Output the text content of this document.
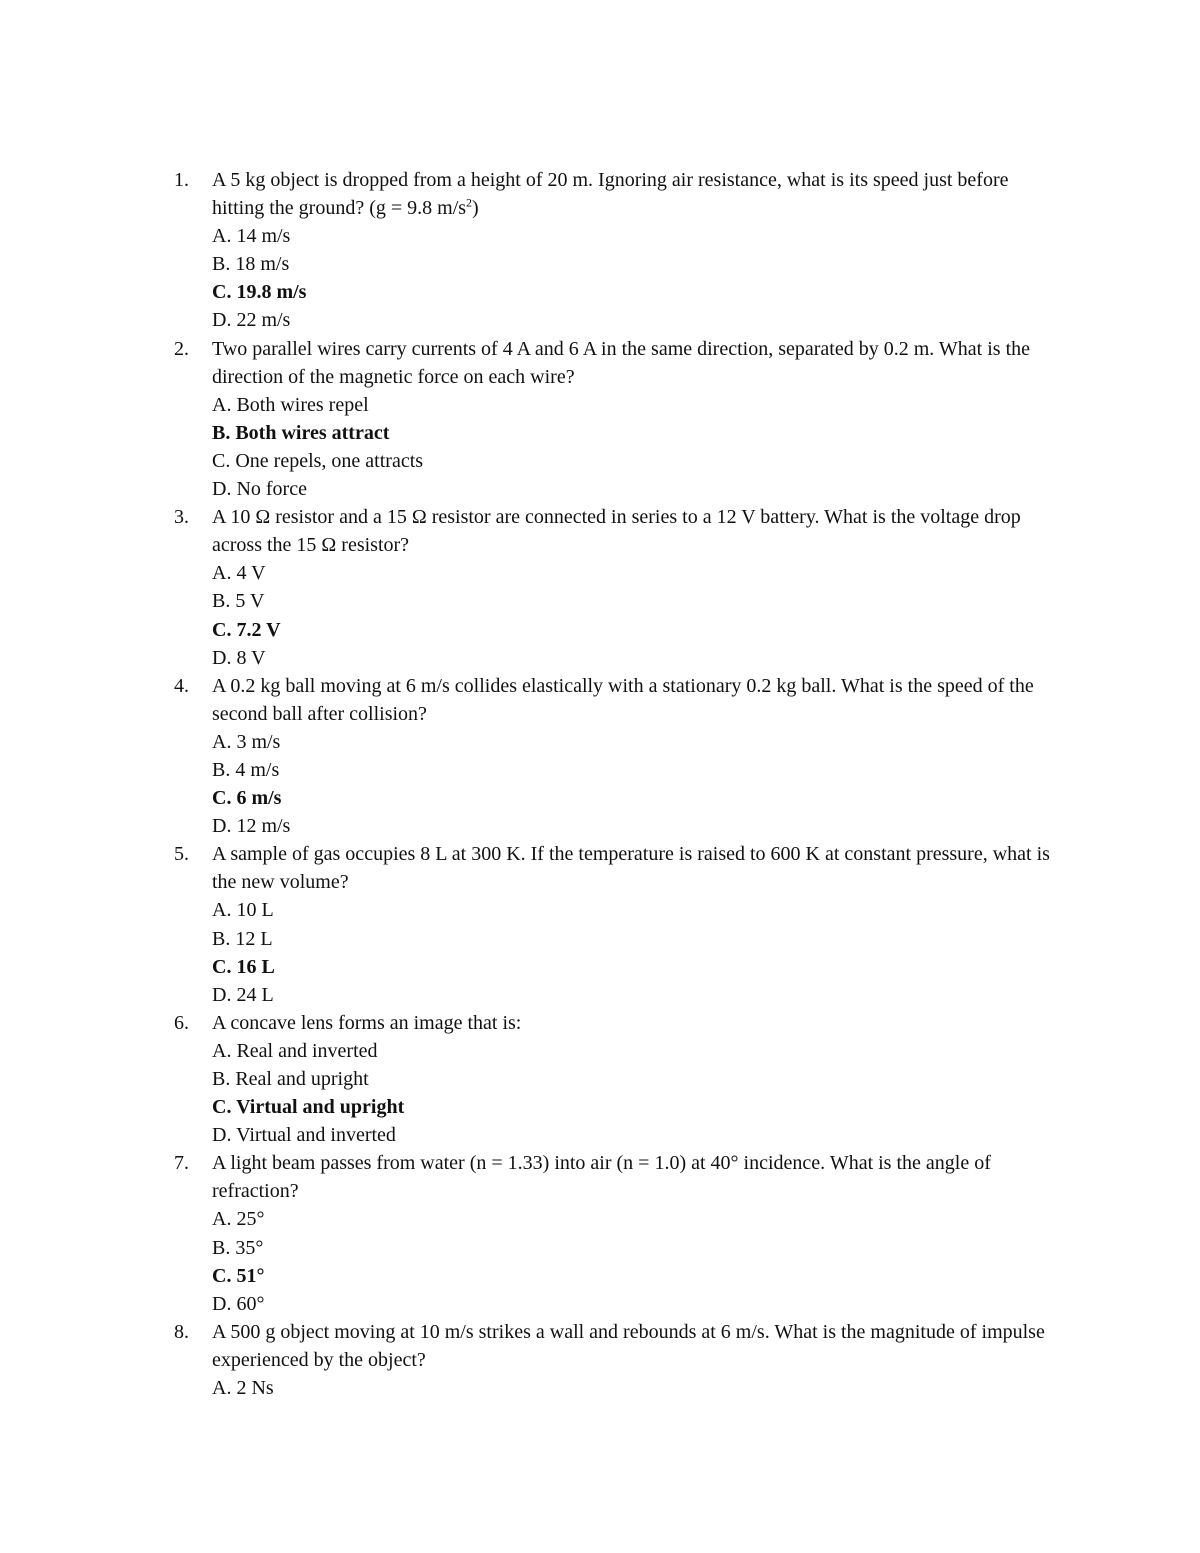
1. A 5 kg object is dropped from a height of 20 m. Ignoring air resistance, what is its speed just before hitting the ground? (g = 9.8 $m/s^2$)
A. 14 m/s
B. 18 m/s
C. 19.8 m/s
D. 22 m/s
2. Two parallel wires carry currents of 4 A and 6 A in the same direction, separated by 0.2 m. What is the direction of the magnetic force on each wire?
A. Both wires repel
B. Both wires attract
C. One repels, one attracts
D. No force
3. A 10 Ω resistor and a 15 Ω resistor are connected in series to a 12 V battery. What is the voltage drop across the 15 Ω resistor?
A. 4 V
B. 5 V
C. 7.2 V
D. 8 V
4. A 0.2 kg ball moving at 6 m/s collides elastically with a stationary 0.2 kg ball. What is the speed of the second ball after collision?
A. 3 m/s
B. 4 m/s
C. 6 m/s
D. 12 m/s
5. A sample of gas occupies 8 L at 300 K. If the temperature is raised to 600 K at constant pressure, what is the new volume?
A. 10 L
B. 12 L
C. 16 L
D. 24 L
6. A concave lens forms an image that is:
A. Real and inverted
B. Real and upright
C. Virtual and upright
D. Virtual and inverted
7. A light beam passes from water (n = 1.33) into air (n = 1.0) at 40° incidence. What is the angle of refraction?
A. 25°
B. 35°
C. 51°
D. 60°
8. A 500 g object moving at 10 m/s strikes a wall and rebounds at 6 m/s. What is the magnitude of impulse experienced by the object?
A. 2 Ns
